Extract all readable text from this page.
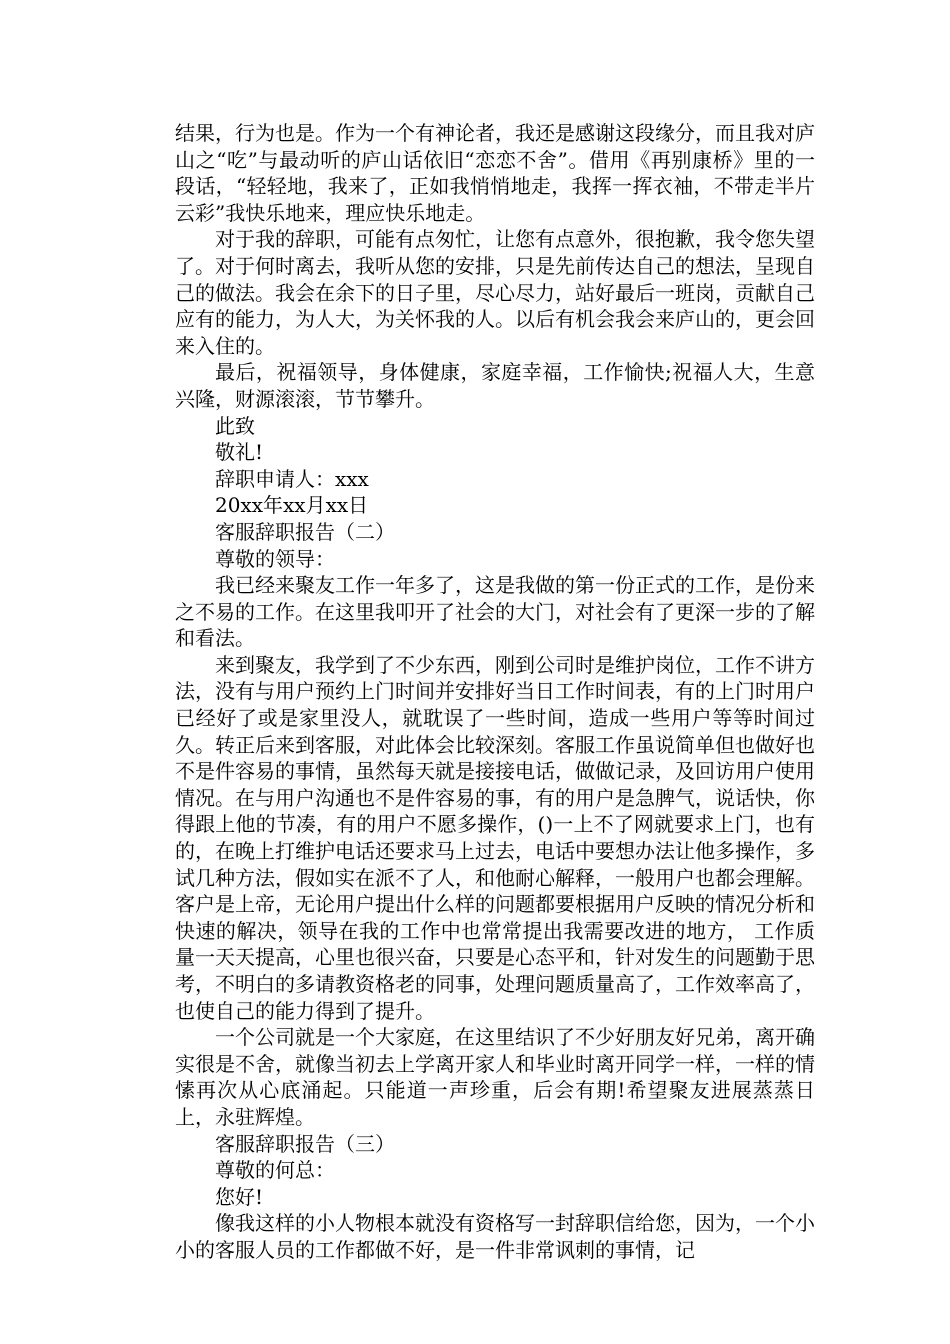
结果，行为也是。作为一个有神论者，我还是感谢这段缘分，而且我对庐山之“吃”与最动听的庐山话依旧“恋恋不舍”。借用《再别康桥》里的一段话，“轻轻地，我来了，正如我悄悄地走，我挥一挥衣袖，不带走半片云彩”我快乐地来，理应快乐地走。

对于我的辞职，可能有点匆忙，让您有点意外，很抱歉，我令您失望了。对于何时离去，我听从您的安排，只是先前传达自己的想法，呈现自己的做法。我会在余下的日子里，尽心尽力，站好最后一班岗，贡献自己应有的能力，为人大，为关怀我的人。以后有机会我会来庐山的，更会回来入住的。

最后，祝福领导，身体健康，家庭幸福，工作愉快;祝福人大，生意兴隆，财源滚滚，节节攀升。

此致

敬礼!

辞职申请人：xxx

20xx年xx月xx日

客服辞职报告（二）

尊敬的领导：

我已经来聚友工作一年多了，这是我做的第一份正式的工作，是份来之不易的工作。在这里我叩开了社会的大门，对社会有了更深一步的了解和看法。

来到聚友，我学到了不少东西，刚到公司时是维护岗位，工作不讲方法，没有与用户预约上门时间并安排好当日工作时间表，有的上门时用户已经好了或是家里没人，就耽误了一些时间，造成一些用户等等时间过久。转正后来到客服，对此体会比较深刻。客服工作虽说简单但也做好也不是件容易的事情，虽然每天就是接接电话，做做记录，及回访用户使用情况。在与用户沟通也不是件容易的事，有的用户是急脾气，说话快，你得跟上他的节凑，有的用户不愿多操作，()一上不了网就要求上门，也有的，在晚上打维护电话还要求马上过去，电话中要想办法让他多操作，多试几种方法，假如实在派不了人，和他耐心解释，一般用户也都会理解。客户是上帝，无论用户提出什么样的问题都要根据用户反映的情况分析和快速的解决，领导在我的工作中也常常提出我需要改进的地方， 工作质量一天天提高，心里也很兴奋，只要是心态平和，针对发生的问题勤于思考，不明白的多请教资格老的同事，处理问题质量高了，工作效率高了，也使自己的能力得到了提升。

一个公司就是一个大家庭，在这里结识了不少好朋友好兄弟，离开确实很是不舍，就像当初去上学离开家人和毕业时离开同学一样，一样的情愫再次从心底涌起。只能道一声珍重，后会有期!希望聚友进展蒸蒸日上，永驻辉煌。

客服辞职报告（三）

尊敬的何总：

您好!

像我这样的小人物根本就没有资格写一封辞职信给您，因为，一个小小的客服人员的工作都做不好，是一件非常讽刺的事情，记
